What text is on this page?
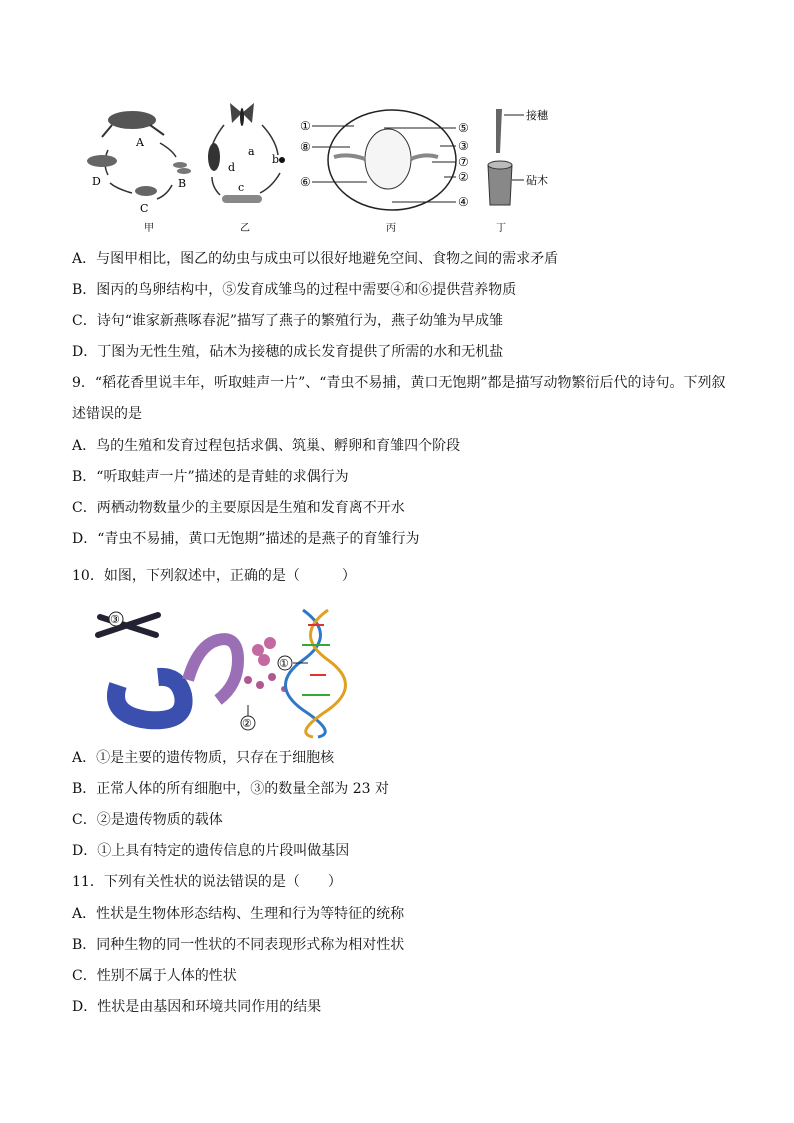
A
B
C
D
甲
a
b
c
d
乙
①
⑧
⑥
⑤
③
⑦
②
④
丙
接穗
砧木
丁
A．与图甲相比，图乙的幼虫与成虫可以很好地避免空间、食物之间的需求矛盾
B．图丙的鸟卵结构中，⑤发育成雏鸟的过程中需要④和⑥提供营养物质
C．诗句“谁家新燕啄春泥”描写了燕子的繁殖行为，燕子幼雏为早成雏
D．丁图为无性生殖，砧木为接穗的成长发育提供了所需的水和无机盐
9．“稻花香里说丰年，听取蛙声一片”、“青虫不易捕，黄口无饱期”都是描写动物繁衍后代的诗句。下列叙
述错误的是
A．鸟的生殖和发育过程包括求偶、筑巢、孵卵和育雏四个阶段
B．“听取蛙声一片”描述的是青蛙的求偶行为
C．两栖动物数量少的主要原因是生殖和发育离不开水
D．“青虫不易捕，黄口无饱期”描述的是燕子的育雏行为
10．如图，下列叙述中，正确的是（　　　）
③
①
②
A．①是主要的遗传物质，只存在于细胞核
B．正常人体的所有细胞中，③的数量全部为 23 对
C．②是遗传物质的载体
D．①上具有特定的遗传信息的片段叫做基因
11．下列有关性状的说法错误的是（　　）
A．性状是生物体形态结构、生理和行为等特征的统称
B．同种生物的同一性状的不同表现形式称为相对性状
C．性别不属于人体的性状
D．性状是由基因和环境共同作用的结果
